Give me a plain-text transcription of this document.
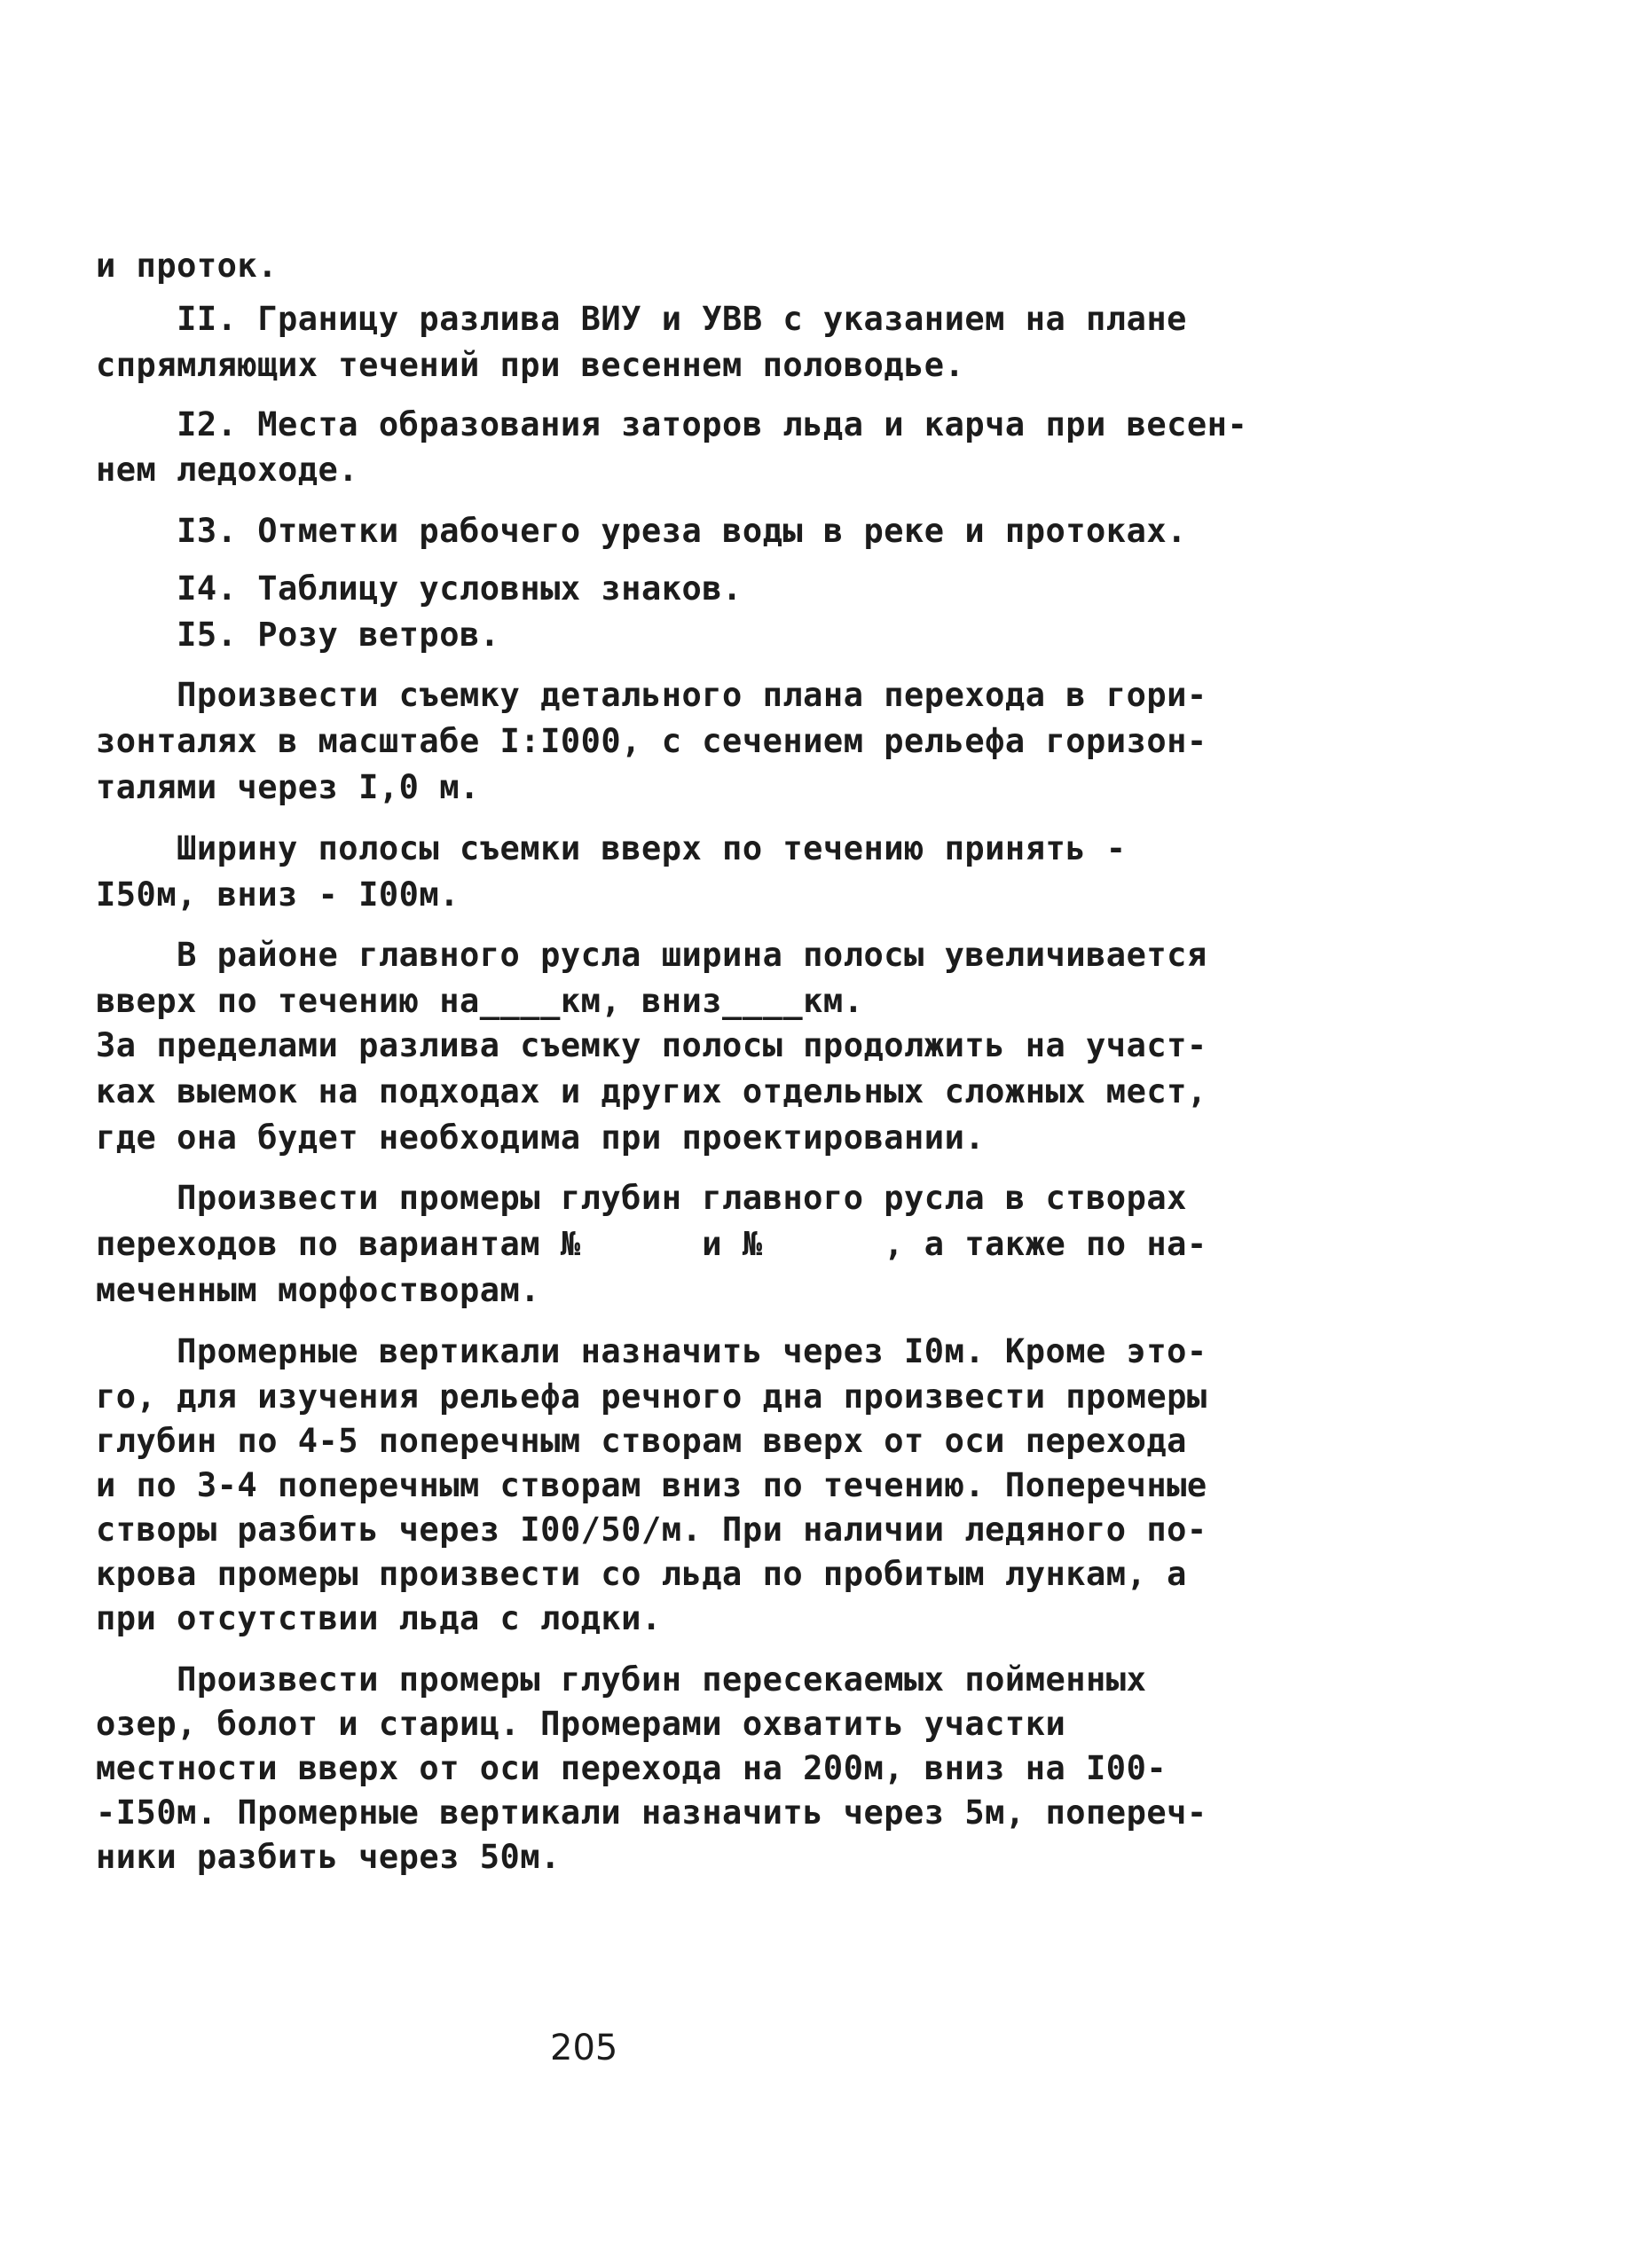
и проток.
II. Границу разлива ВИУ и УВВ с указанием на плане
спрямляющих течений при весеннем половодье.
I2. Места образования заторов льда и карча при весен-
нем ледоходе.
I3. Отметки рабочего уреза воды в реке и протоках.
I4. Таблицу условных знаков.
I5. Розу ветров.
Произвести съемку детального плана перехода в гори-
зонталях в масштабе I:I000, с сечением рельефа горизон-
талями через I,0 м.
Ширину полосы съемки вверх по течению принять -
I50м, вниз - I00м.
В районе главного русла ширина полосы увеличивается
вверх по течению на____км, вниз____км.
За пределами разлива съемку полосы продолжить на участ-
ках выемок на подходах и других отдельных сложных мест,
где она будет необходима при проектировании.
Произвести промеры глубин главного русла в створах
переходов по вариантам №      и №      , а также по на-
меченным морфостворам.
Промерные вертикали назначить через I0м. Кроме это-
го, для изучения рельефа речного дна произвести промеры
глубин по 4-5 поперечным створам вверх от оси перехода
и по 3-4 поперечным створам вниз по течению. Поперечные
створы разбить через I00/50/м. При наличии ледяного по-
крова промеры произвести со льда по пробитым лункам, а
при отсутствии льда с лодки.
Произвести промеры глубин пересекаемых пойменных
озер, болот и стариц. Промерами охватить участки
местности вверх от оси перехода на 200м, вниз на I00-
-I50м. Промерные вертикали назначить через 5м, попереч-
ники разбить через 50м.
205
